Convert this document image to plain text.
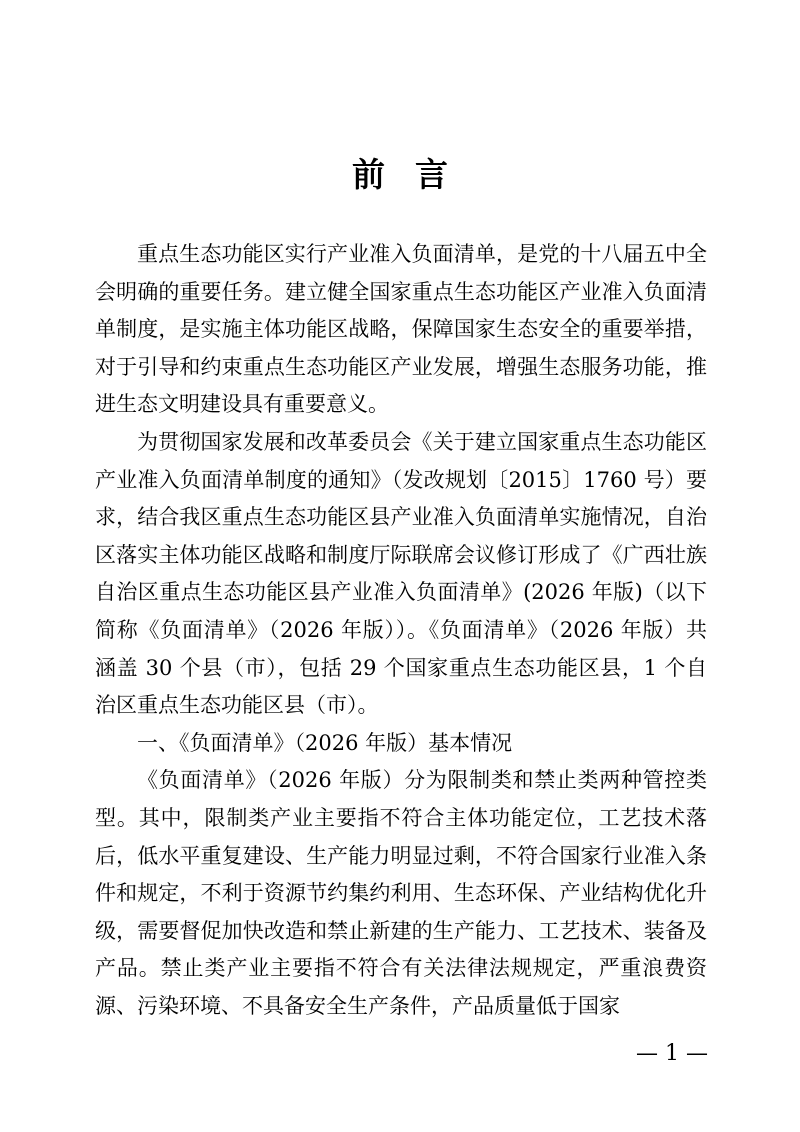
前言

重点生态功能区实行产业准入负面清单，是党的十八届五中全会明确的重要任务。建立健全国家重点生态功能区产业准入负面清单制度，是实施主体功能区战略，保障国家生态安全的重要举措，对于引导和约束重点生态功能区产业发展，增强生态服务功能，推进生态文明建设具有重要意义。

为贯彻国家发展和改革委员会《关于建立国家重点生态功能区产业准入负面清单制度的通知》（发改规划〔2015〕1760 号）要求，结合我区重点生态功能区县产业准入负面清单实施情况，自治区落实主体功能区战略和制度厅际联席会议修订形成了《广西壮族自治区重点生态功能区县产业准入负面清单》(2026 年版)（以下简称《负面清单》（2026 年版））。《负面清单》（2026 年版）共涵盖 30 个县（市），包括 29 个国家重点生态功能区县，1 个自治区重点生态功能区县（市）。

一、《负面清单》（2026 年版）基本情况

《负面清单》（2026 年版）分为限制类和禁止类两种管控类型。其中，限制类产业主要指不符合主体功能定位，工艺技术落后，低水平重复建设、生产能力明显过剩，不符合国家行业准入条件和规定，不利于资源节约集约利用、生态环保、产业结构优化升级，需要督促加快改造和禁止新建的生产能力、工艺技术、装备及产品。禁止类产业主要指不符合有关法律法规规定，严重浪费资源、污染环境、不具备安全生产条件，产品质量低于国家

— 1 —
